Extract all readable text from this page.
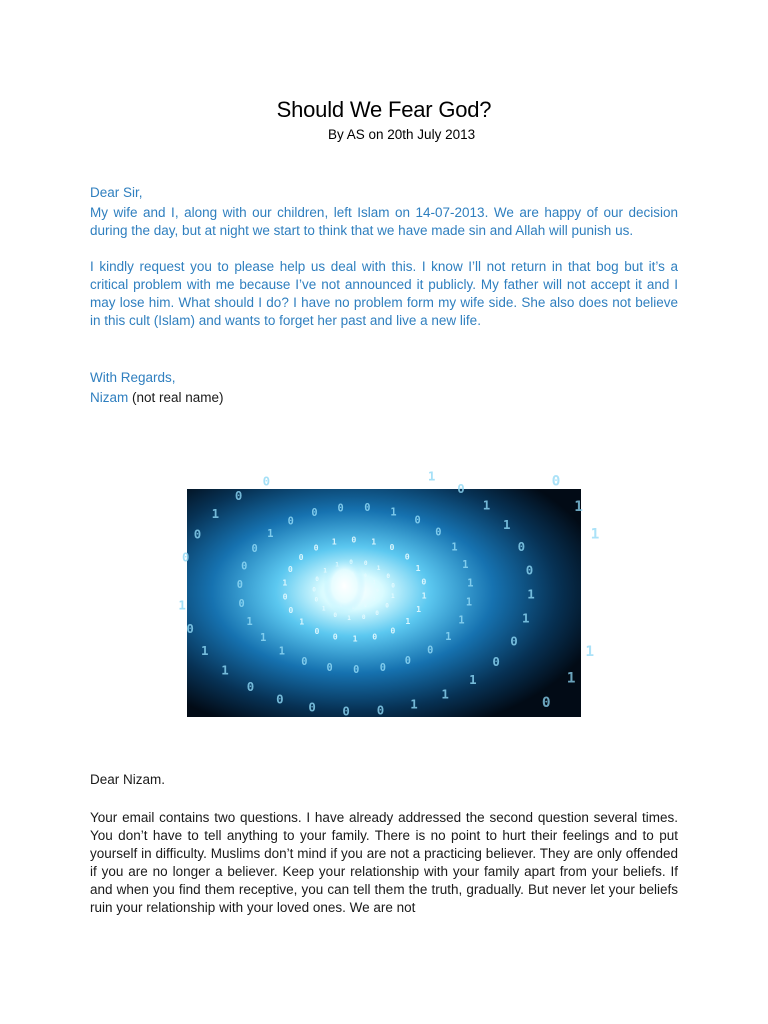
Should We Fear God?

By AS on 20th July 2013

Dear Sir,

My wife and I, along with our children, left Islam on 14-07-2013. We are happy of our decision during the day, but at night we start to think that we have made sin and Allah will punish us.

I kindly request you to please help us deal with this. I know I’ll not return in that bog but it’s a critical problem with me because I’ve not announced it publicly. My father will not accept it and I may lose him. What should I do? I have no problem form my wife side. She also does not believe in this cult (Islam) and wants to forget her past and live a new life.

With Regards,

Nizam (not real name)
1
1
0
1
0
0
1
0
0
0	0
0
1
0
1
1
0
0
0
0
0
0
1
1
1
0
0
0
0
1
0
0 0 0 1
0
0
1
1
1
1
1
1
1
1
0
0
0
0
0
1
1
0
1
0
0
1
0
0	1
0
1
1
0
0
1
1
0
0
0
1
1
1
1
0

Dear Nizam.

Your email contains two questions. I have already addressed the second question several times. You don’t have to tell anything to your family. There is no point to hurt their feelings and to put yourself in difficulty. Muslims don’t mind if you are not a practicing believer. They are only offended if you are no longer a believer. Keep your relationship with your family apart from your beliefs. If and when you find them receptive, you can tell them the truth, gradually. But never let your beliefs ruin your relationship with your loved ones. We are not
